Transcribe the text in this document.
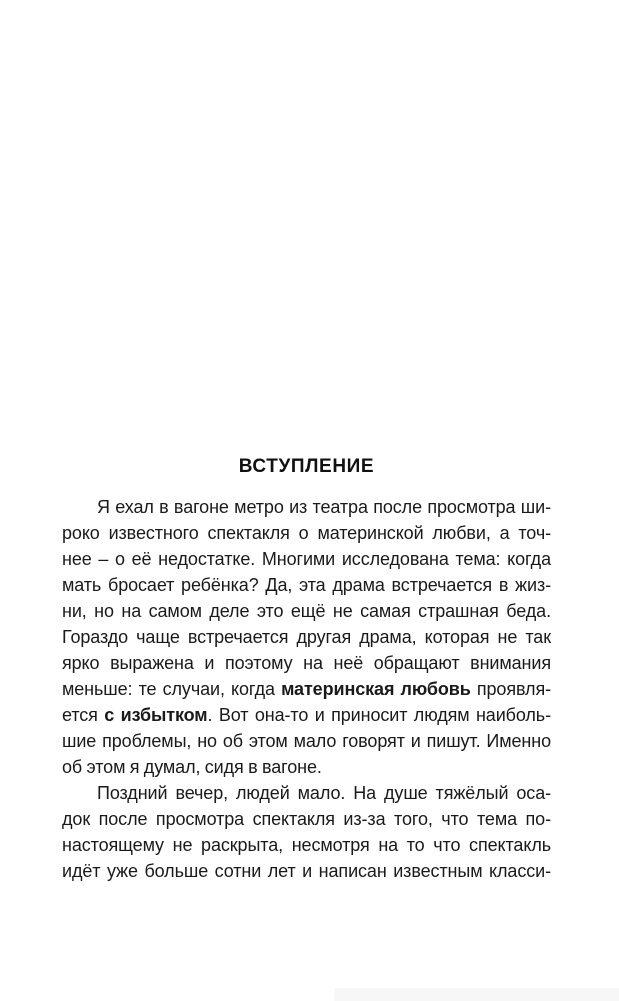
ВСТУПЛЕНИЕ
Я ехал в вагоне метро из театра после просмотра ши-
роко известного спектакля о материнской любви, а точ-
нее – о её недостатке. Многими исследована тема: когда
мать бросает ребёнка? Да, эта драма встречается в жиз-
ни, но на самом деле это ещё не самая страшная беда.
Гораздо чаще встречается другая драма, которая не так
ярко выражена и поэтому на неё обращают внимания
меньше: те случаи, когда материнская любовь проявля-
ется с избытком. Вот она-то и приносит людям наиболь-
шие проблемы, но об этом мало говорят и пишут. Именно
об этом я думал, сидя в вагоне.
Поздний вечер, людей мало. На душе тяжёлый оса-
док после просмотра спектакля из-за того, что тема по-
настоящему не раскрыта, несмотря на то что спектакль
идёт уже больше сотни лет и написан известным класси-
